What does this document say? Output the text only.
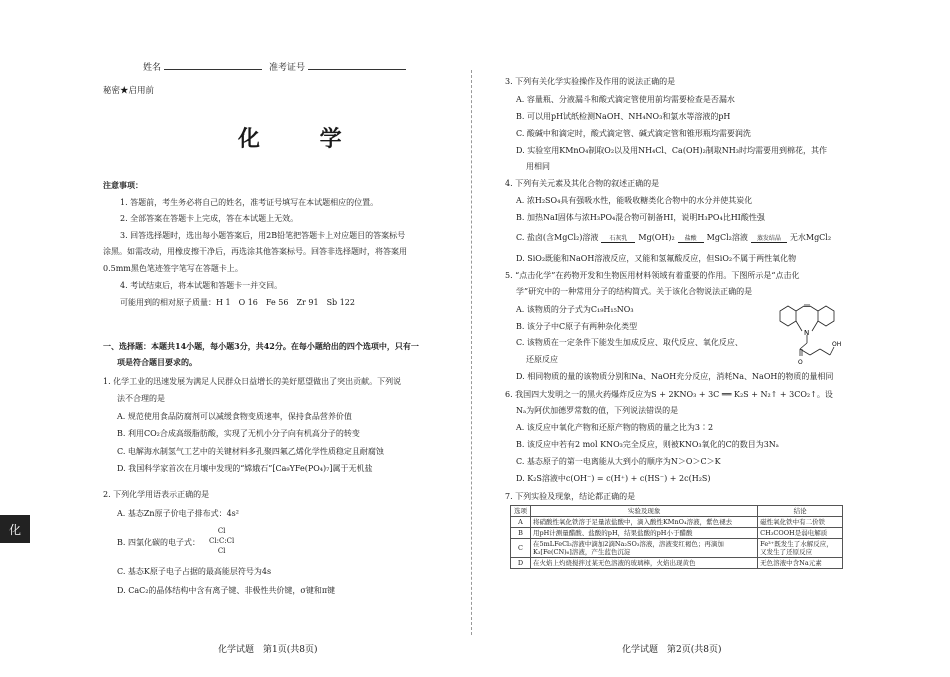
姓名	准考证号
秘密★启用前
化 学
注意事项：
1. 答题前，考生务必将自己的姓名，准考证号填写在本试题相应的位置。
2. 全部答案在答题卡上完成，答在本试题上无效。
3. 回答选择题时，选出每小题答案后，用2B铅笔把答题卡上对应题目的答案标号
涂黑。如需改动，用橡皮擦干净后，再选涂其他答案标号。回答非选择题时，将答案用
0.5mm黑色笔迹签字笔写在答题卡上。
4. 考试结束后，将本试题和答题卡一并交回。
可能用到的相对原子质量：H 1　O 16　Fe 56　Zr 91　Sb 122
一、选择题：本题共14小题，每小题3分，共42分。在每小题给出的四个选项中，只有一
项是符合题目要求的。
1. 化学工业的迅速发展为满足人民群众日益增长的美好愿望做出了突出贡献。下列说
法不合理的是
A. 规范使用食品防腐剂可以减缓食物变质速率，保持食品营养价值
B. 利用CO₂合成高级脂肪酸，实现了无机小分子向有机高分子的转变
C. 电解海水制氢气工艺中的关键材料多孔聚四氟乙烯化学性质稳定且耐腐蚀
D. 我国科学家首次在月壤中发现的“嫦娥石”[Ca₉YFe(PO₄)₇]属于无机盐
2. 下列化学用语表示正确的是
A. 基态Zn原子价电子排布式：4s²
B. 四氯化碳的电子式：
Cl
Cl:C:Cl
Cl
C. 基态K原子电子占据的最高能层符号为4s
D. CaC₂的晶体结构中含有离子键、非极性共价键，σ键和π键
化学试题　第1页(共8页)
化
3. 下列有关化学实验操作及作用的说法正确的是
A. 容量瓶、分液漏斗和酸式滴定管使用前均需要检查是否漏水
B. 可以用pH试纸检测NaOH、NH₄NO₃和氯水等溶液的pH
C. 酸碱中和滴定时，酸式滴定管、碱式滴定管和锥形瓶均需要润洗
D. 实验室用KMnO₄制取O₂以及用NH₄Cl、Ca(OH)₂制取NH₃时均需要用到棉花，其作
用相同
4. 下列有关元素及其化合物的叙述正确的是
A. 浓H₂SO₄具有强吸水性，能吸收糖类化合物中的水分并使其炭化
B. 加热NaI固体与浓H₃PO₄混合物可制备HI，说明H₃PO₄比HI酸性强
C. 盐卤(含MgCl₂)溶液 石灰乳 Mg(OH)₂ 盐酸 MgCl₂溶液 蒸发结晶 无水MgCl₂
D. SiO₂既能和NaOH溶液反应，又能和氢氟酸反应，但SiO₂不属于两性氧化物
5. “点击化学”在药物开发和生物医用材料领域有着重要的作用。下图所示是“点击化
学”研究中的一种常用分子的结构简式。关于该化合物说法正确的是
A. 该物质的分子式为C₁₉H₁₅NO₃
B. 该分子中C原子有两种杂化类型
C. 该物质在一定条件下能发生加成反应、取代反应、氧化反应、
还原反应
D. 相同物质的量的该物质分别和Na、NaOH充分反应，消耗Na、NaOH的物质的量相同
N
O
OH
6. 我国四大发明之一的黑火药爆炸反应为S + 2KNO₃ + 3C ══ K₂S + N₂↑ + 3CO₂↑。设
Nₐ为阿伏加德罗常数的值，下列说法错误的是
A. 该反应中氧化产物和还原产物的物质的量之比为3∶2
B. 该反应中若有2 mol KNO₃完全反应，则被KNO₃氧化的C的数目为3Nₐ
C. 基态原子的第一电离能从大到小的顺序为N＞O＞C＞K
D. K₂S溶液中c(OH⁻) = c(H⁺) + c(HS⁻) + 2c(H₂S)
7. 下列实验及现象，结论都正确的是
选项	实验及现象	结论
A	将硝酸性氧化铁溶于足量浓盐酸中，滴入酸性KMnO₄溶液，紫色褪去	磁性氧化铁中有二价铁
B	用pH计测量醋酸、盐酸的pH，结果盐酸的pH小于醋酸	CH₃COOH是弱电解质
C	在5mLFeCl₃溶液中滴加2滴Na₂SO₃溶液，溶液变红褐色；再滴加
K₃[Fe(CN)₆]溶液，产生蓝色沉淀	Fe³⁺既发生了水解反应，
又发生了还原反应
D	在火焰上灼烧搅拌过某无色溶液的玻璃棒，火焰出现黄色	无色溶液中含Na元素
化学试题　第2页(共8页)
